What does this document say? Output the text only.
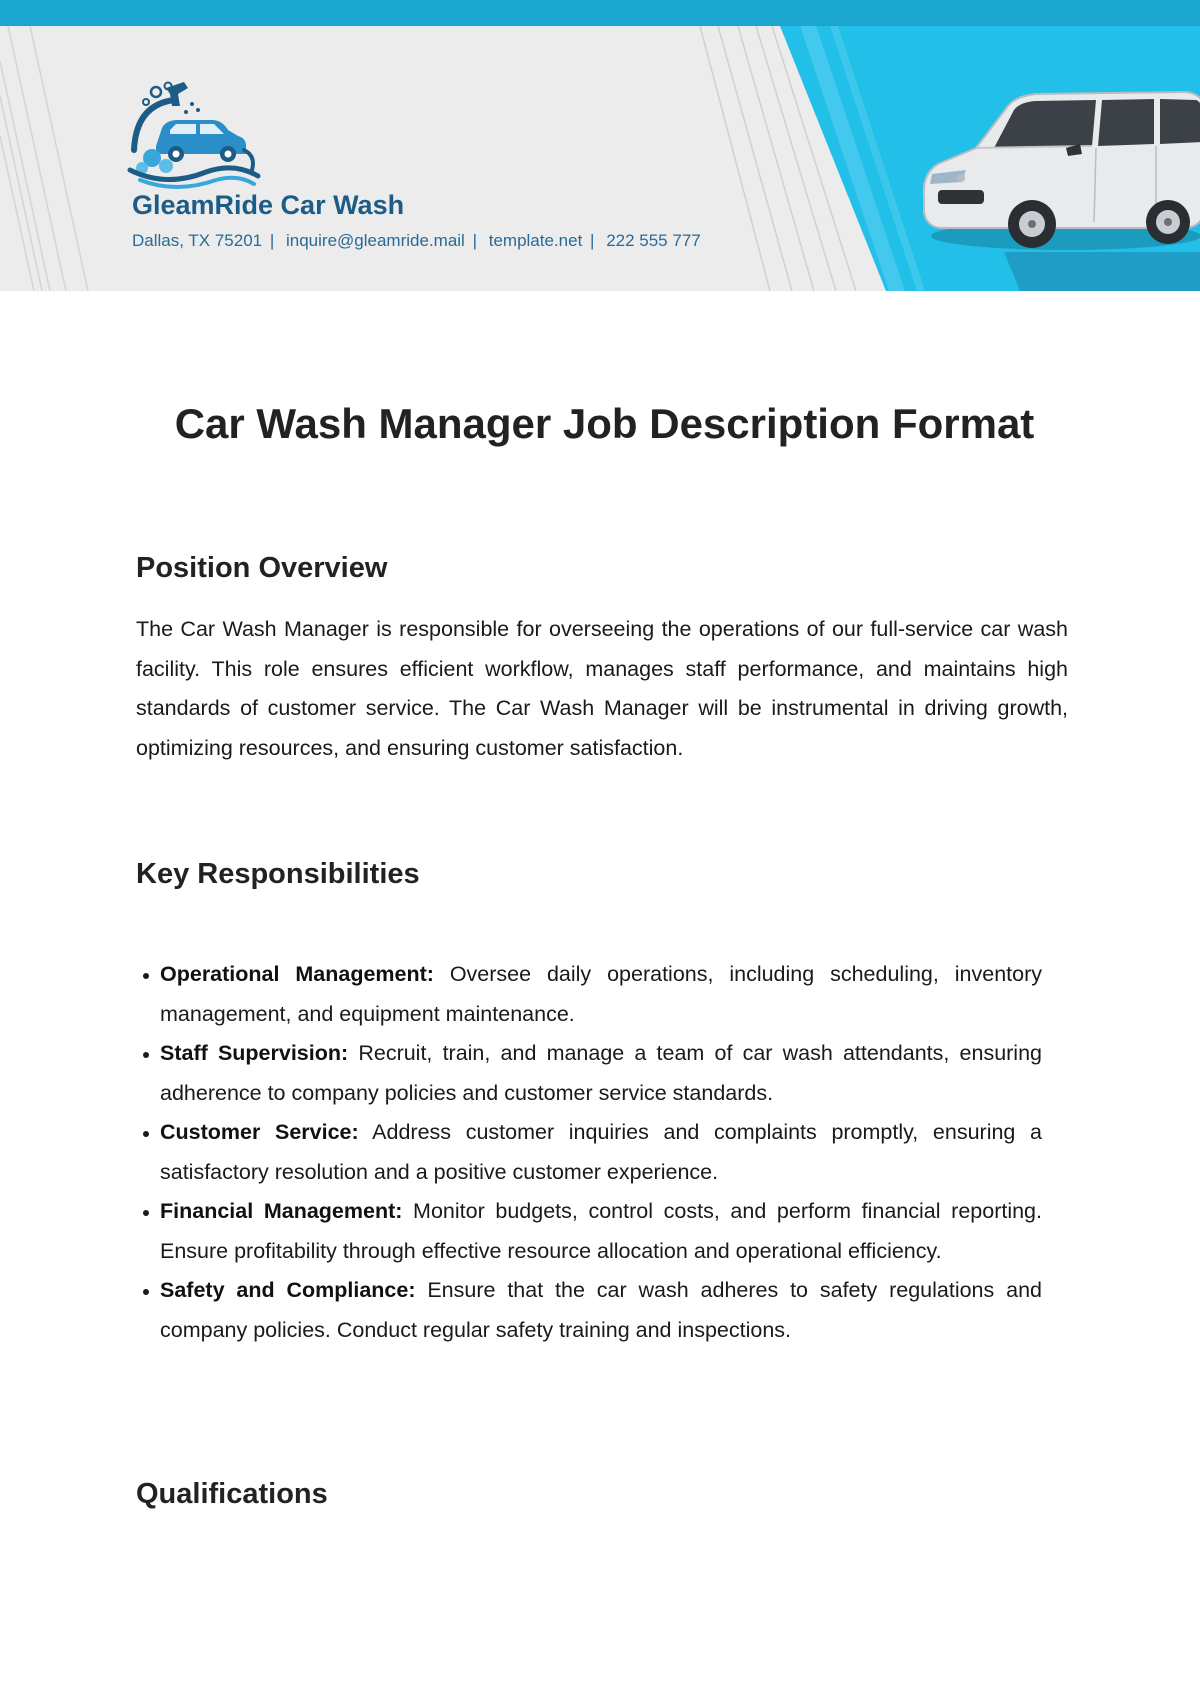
GleamRide Car Wash
Dallas, TX 75201 | inquire@gleamride.mail | template.net | 222 555 777
Car Wash Manager Job Description Format
Position Overview

The Car Wash Manager is responsible for overseeing the operations of our full-service car wash facility. This role ensures efficient workflow, manages staff performance, and maintains high standards of customer service. The Car Wash Manager will be instrumental in driving growth, optimizing resources, and ensuring customer satisfaction.

Key Responsibilities
Operational Management: Oversee daily operations, including scheduling, inventory management, and equipment maintenance.
Staff Supervision: Recruit, train, and manage a team of car wash attendants, ensuring adherence to company policies and customer service standards.
Customer Service: Address customer inquiries and complaints promptly, ensuring a satisfactory resolution and a positive customer experience.
Financial Management: Monitor budgets, control costs, and perform financial reporting. Ensure profitability through effective resource allocation and operational efficiency.
Safety and Compliance: Ensure that the car wash adheres to safety regulations and company policies. Conduct regular safety training and inspections.
Qualifications
